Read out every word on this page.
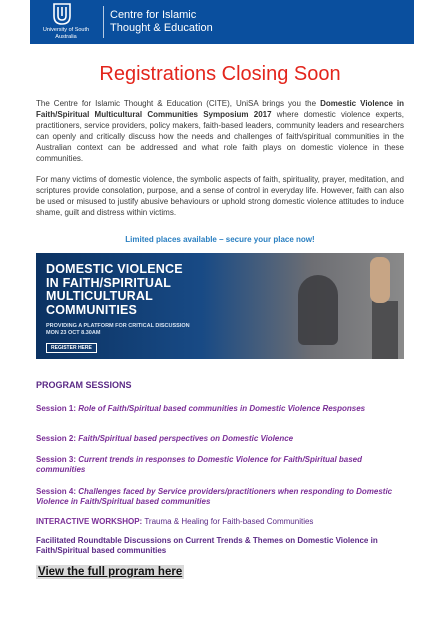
University of South Australia
Centre for Islamic
Thought & Education
Registrations Closing Soon
The Centre for Islamic Thought & Education (CITE), UniSA brings you the Domestic Violence in Faith/Spiritual Multicultural Communities Symposium 2017 where domestic violence experts, practitioners, service providers, policy makers, faith-based leaders, community leaders and researchers can openly and critically discuss how the needs and challenges of faith/spiritual communities in the Australian context can be addressed and what role faith plays on domestic violence in these communities.
For many victims of domestic violence, the symbolic aspects of faith, spirituality, prayer, meditation, and scriptures provide consolation, purpose, and a sense of control in everyday life. However, faith can also be used or misused to justify abusive behaviours or uphold strong domestic violence attitudes to induce shame, guilt and distress within victims.
Limited places available – secure your place now!
DOMESTIC VIOLENCE
IN FAITH/SPIRITUAL
MULTICULTURAL
COMMUNITIES
PROVIDING A PLATFORM FOR CRITICAL DISCUSSION
MON 23 OCT 8.30AM
REGISTER HERE
PROGRAM SESSIONS
Session 1: Role of Faith/Spiritual based communities in Domestic Violence Responses
Session 2: Faith/Spiritual based perspectives on Domestic Violence
Session 3: Current trends in responses to Domestic Violence for Faith/Spiritual based communities
Session 4: Challenges faced by Service providers/practitioners when responding to Domestic Violence in Faith/Spiritual based communities
INTERACTIVE WORKSHOP: Trauma & Healing for Faith-based Communities
Facilitated Roundtable Discussions on Current Trends & Themes on Domestic Violence in Faith/Spiritual based communities
View the full program here
